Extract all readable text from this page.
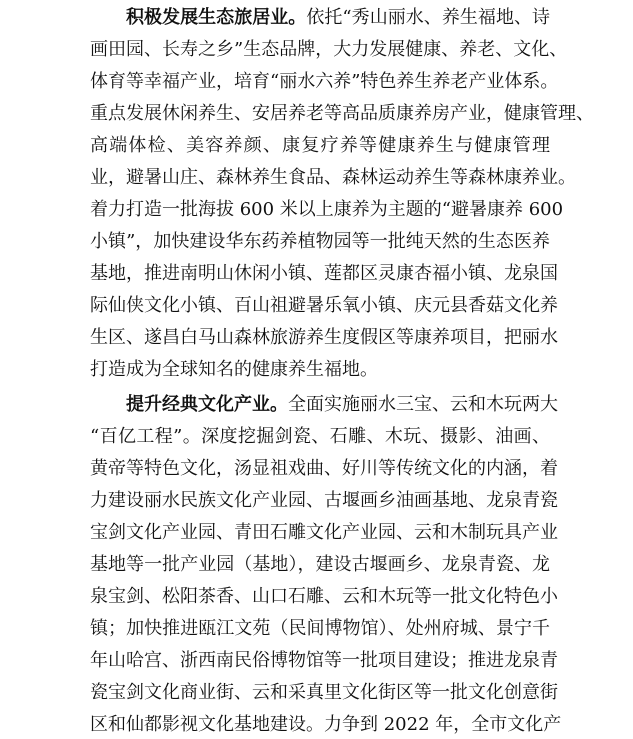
积极发展生态旅居业。依托“秀山丽水、养生福地、诗
画田园、长寿之乡”生态品牌，大力发展健康、养老、文化、
体育等幸福产业，培育“丽水六养”特色养生养老产业体系。
重点发展休闲养生、安居养老等高品质康养房产业，健康管理、
高端体检、美容养颜、康复疗养等健康养生与健康管理
业，避暑山庄、森林养生食品、森林运动养生等森林康养业。
着力打造一批海拔 600 米以上康养为主题的“避暑康养 600
小镇”，加快建设华东药养植物园等一批纯天然的生态医养
基地，推进南明山休闲小镇、莲都区灵康杏福小镇、龙泉国
际仙侠文化小镇、百山祖避暑乐氧小镇、庆元县香菇文化养
生区、遂昌白马山森林旅游养生度假区等康养项目，把丽水
打造成为全球知名的健康养生福地。
提升经典文化产业。全面实施丽水三宝、云和木玩两大
“百亿工程”。深度挖掘剑瓷、石雕、木玩、摄影、油画、
黄帝等特色文化，汤显祖戏曲、好川等传统文化的内涵，着
力建设丽水民族文化产业园、古堰画乡油画基地、龙泉青瓷
宝剑文化产业园、青田石雕文化产业园、云和木制玩具产业
基地等一批产业园（基地），建设古堰画乡、龙泉青瓷、龙
泉宝剑、松阳茶香、山口石雕、云和木玩等一批文化特色小
镇；加快推进瓯江文苑（民间博物馆）、处州府城、景宁千
年山哈宫、浙西南民俗博物馆等一批项目建设；推进龙泉青
瓷宝剑文化商业街、云和采真里文化街区等一批文化创意街
区和仙都影视文化基地建设。力争到 2022 年，全市文化产
